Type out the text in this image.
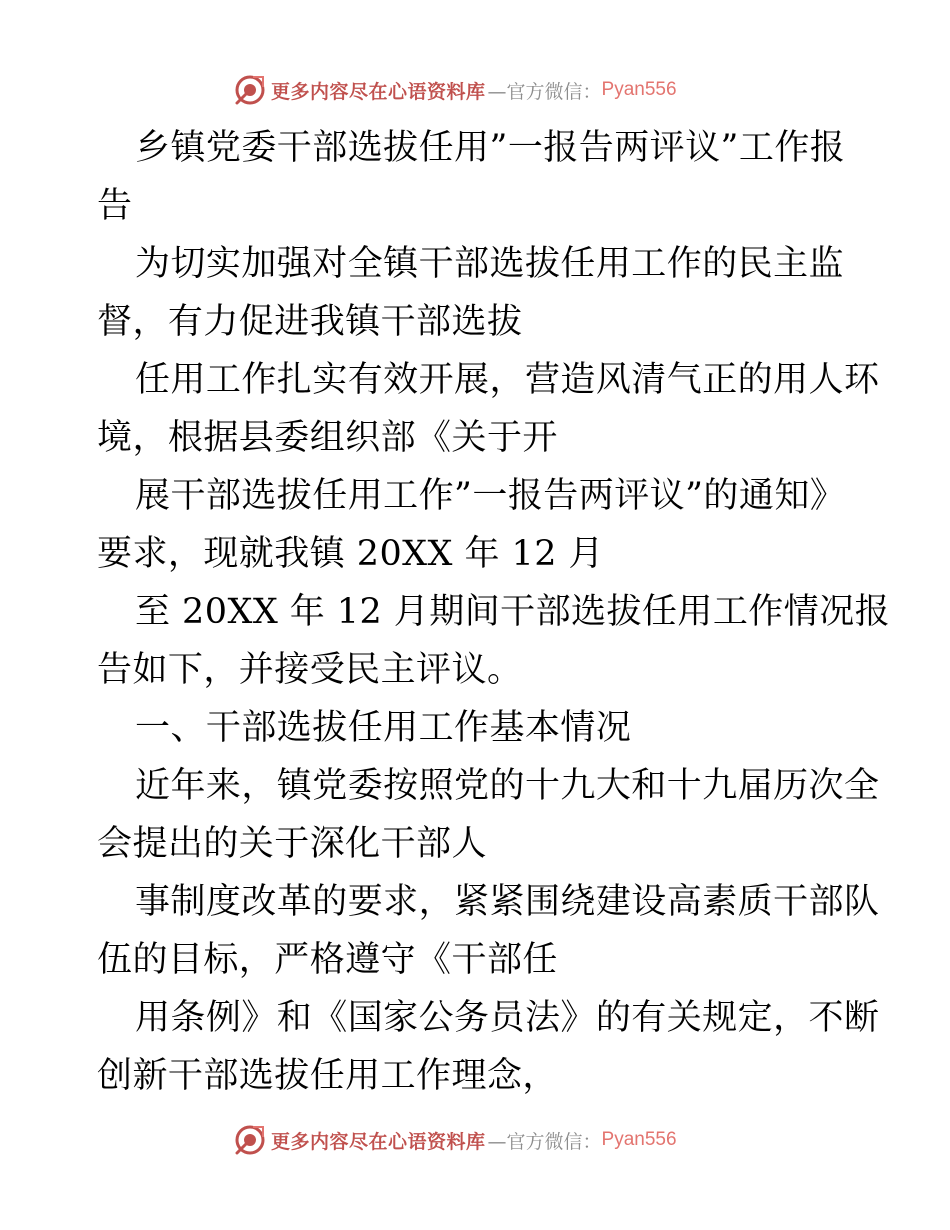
更多内容尽在心语资料库 —官方微信： Pyan556
乡镇党委干部选拔任用”一报告两评议”工作报
告
为切实加强对全镇干部选拔任用工作的民主监
督，有力促进我镇干部选拔
任用工作扎实有效开展，营造风清气正的用人环
境，根据县委组织部《关于开
展干部选拔任用工作”一报告两评议”的通知》
要求，现就我镇 20XX 年 12 月
至 20XX 年 12 月期间干部选拔任用工作情况报
告如下，并接受民主评议。
一、干部选拔任用工作基本情况
近年来，镇党委按照党的十九大和十九届历次全
会提出的关于深化干部人
事制度改革的要求，紧紧围绕建设高素质干部队
伍的目标，严格遵守《干部任
用条例》和《国家公务员法》的有关规定，不断
创新干部选拔任用工作理念，
更多内容尽在心语资料库 —官方微信： Pyan556
